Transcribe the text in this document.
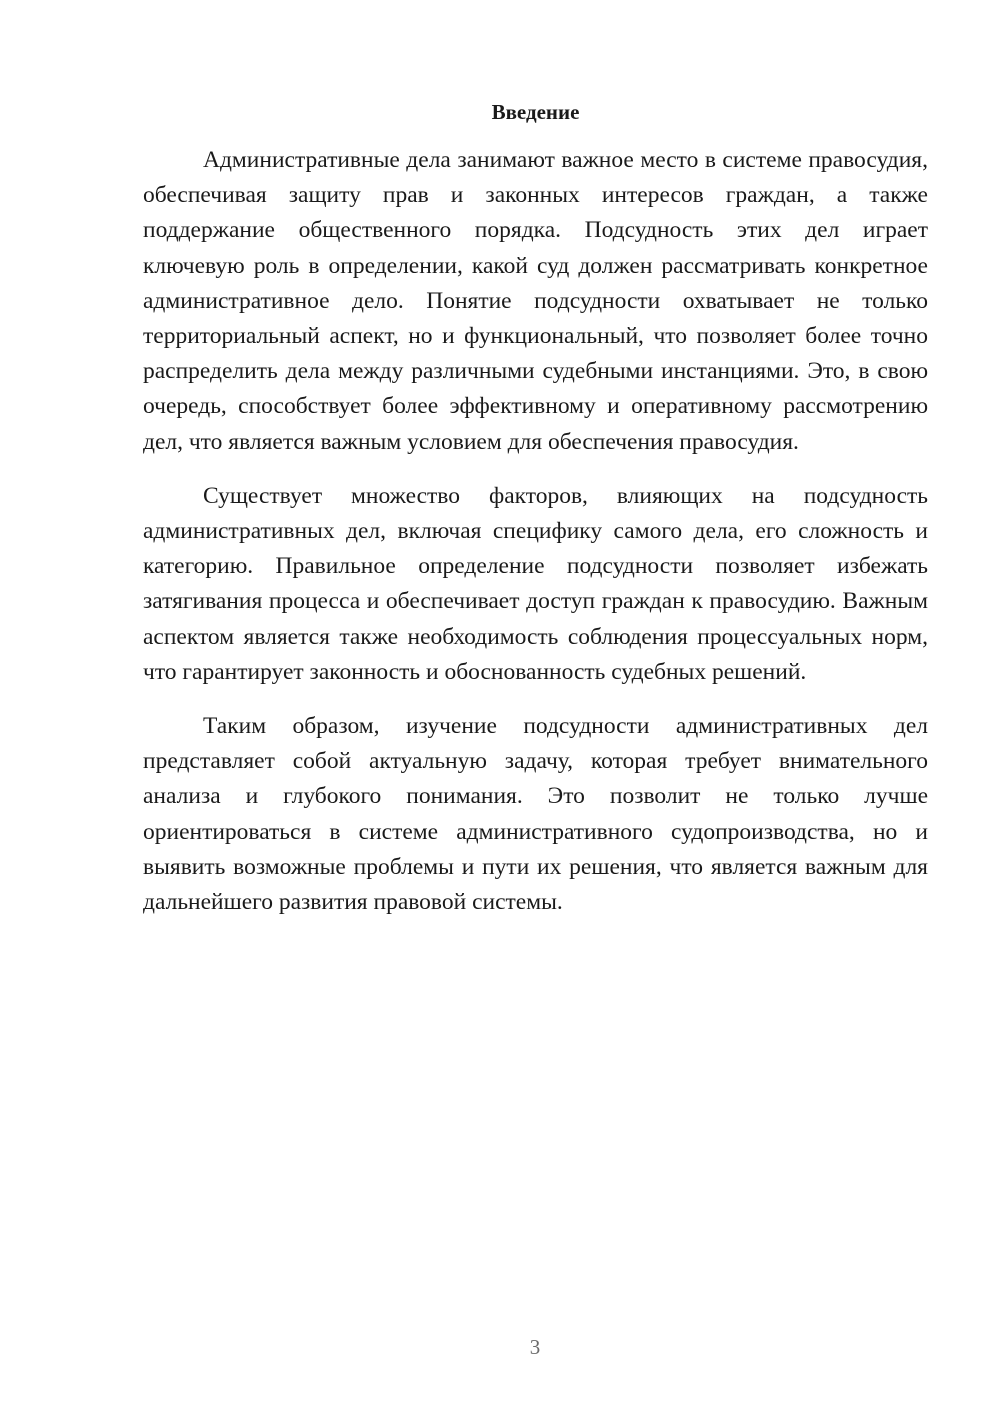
Введение

Административные дела занимают важное место в системе правосудия, обеспечивая защиту прав и законных интересов граждан, а также поддержание общественного порядка. Подсудность этих дел играет ключевую роль в определении, какой суд должен рассматривать конкретное административное дело. Понятие подсудности охватывает не только территориальный аспект, но и функциональный, что позволяет более точно распределить дела между различными судебными инстанциями. Это, в свою очередь, способствует более эффективному и оперативному рассмотрению дел, что является важным условием для обеспечения правосудия.

Существует множество факторов, влияющих на подсудность административных дел, включая специфику самого дела, его сложность и категорию. Правильное определение подсудности позволяет избежать затягивания процесса и обеспечивает доступ граждан к правосудию. Важным аспектом является также необходимость соблюдения процессуальных норм, что гарантирует законность и обоснованность судебных решений.

Таким образом, изучение подсудности административных дел представляет собой актуальную задачу, которая требует внимательного анализа и глубокого понимания. Это позволит не только лучше ориентироваться в системе административного судопроизводства, но и выявить возможные проблемы и пути их решения, что является важным для дальнейшего развития правовой системы.

3
